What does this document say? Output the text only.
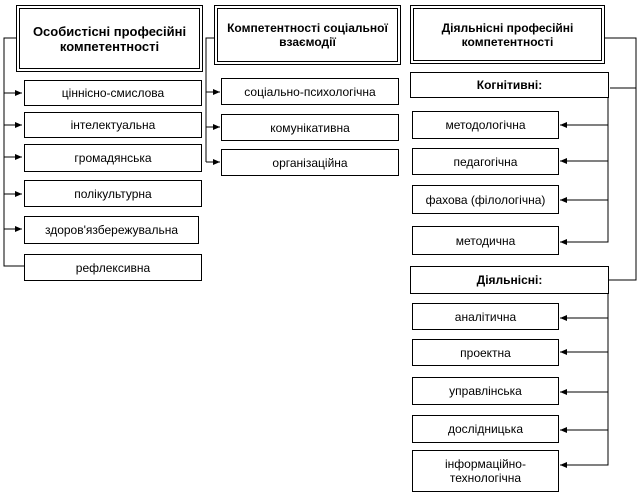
Особистісні професійні компетентності
ціннісно-смислова
інтелектуальна
громадянська
полікультурна
здоров'язбережувальна
рефлексивна
Компетентності соціальної взаємодії
соціально-психологічна
комунікативна
організаційна
Діяльнісні професійні компетентності
Когнітивні:
методологічна
педагогічна
фахова (філологічна)
методична
Діяльнісні:
аналітична
проектна
управлінська
дослідницька
інформаційно-технологічна
